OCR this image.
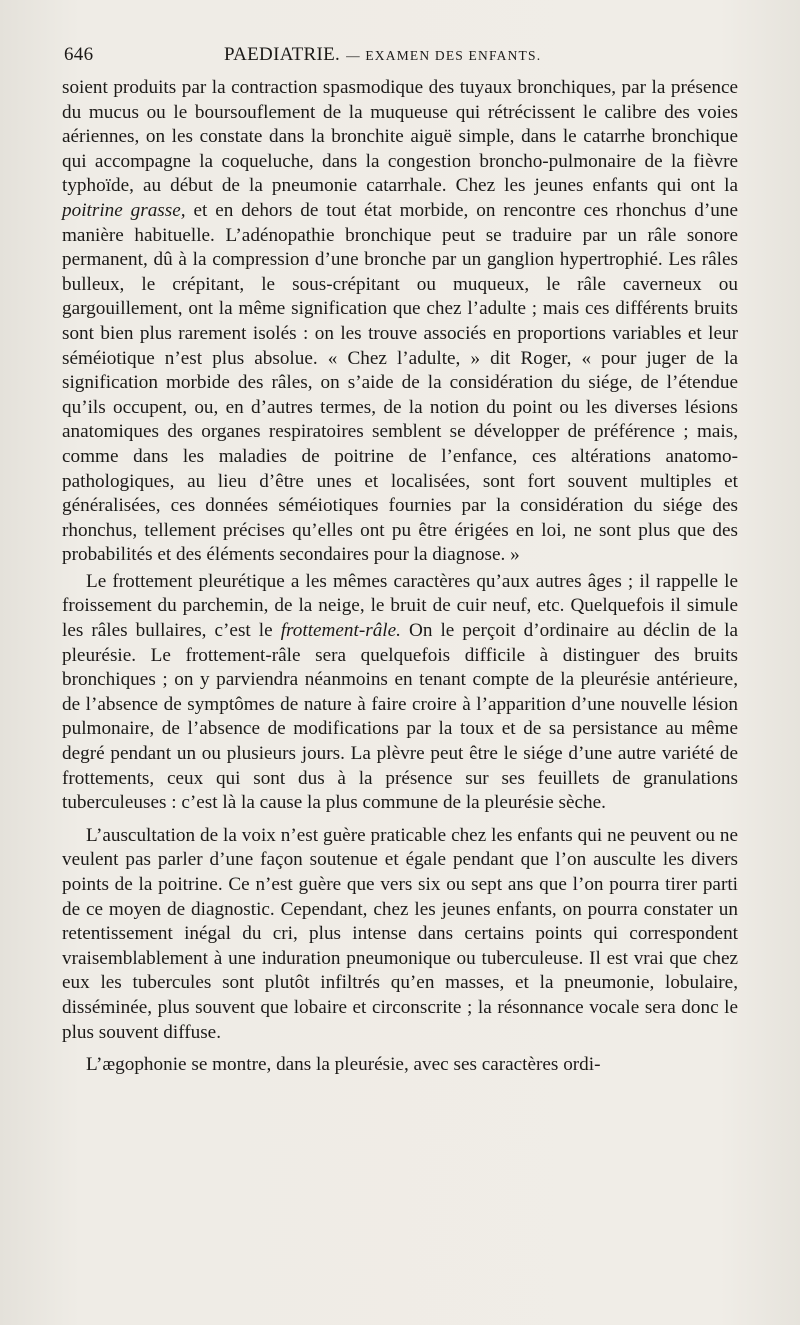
646	PAEDIATRIE. — EXAMEN DES ENFANTS.

soient produits par la contraction spasmodique des tuyaux bronchiques, par la présence du mucus ou le boursouflement de la muqueuse qui rétrécissent le calibre des voies aériennes, on les constate dans la bronchite aiguë simple, dans le catarrhe bronchique qui accompagne la coqueluche, dans la congestion broncho-pulmonaire de la fièvre typhoïde, au début de la pneumonie catarrhale. Chez les jeunes enfants qui ont la poitrine grasse, et en dehors de tout état morbide, on rencontre ces rhonchus d’une manière habituelle. L’adénopathie bronchique peut se traduire par un râle sonore permanent, dû à la compression d’une bronche par un ganglion hypertrophié. Les râles bulleux, le crépitant, le sous-crépitant ou muqueux, le râle caverneux ou gargouillement, ont la même signification que chez l’adulte ; mais ces différents bruits sont bien plus rarement isolés : on les trouve associés en proportions variables et leur séméiotique n’est plus absolue. « Chez l’adulte, » dit Roger, « pour juger de la signification morbide des râles, on s’aide de la considération du siége, de l’étendue qu’ils occupent, ou, en d’autres termes, de la notion du point ou les diverses lésions anatomiques des organes respiratoires semblent se développer de préférence ; mais, comme dans les maladies de poitrine de l’enfance, ces altérations anatomo-pathologiques, au lieu d’être unes et localisées, sont fort souvent multiples et généralisées, ces données séméiotiques fournies par la considération du siége des rhonchus, tellement précises qu’elles ont pu être érigées en loi, ne sont plus que des probabilités et des éléments secondaires pour la diagnose. »

Le frottement pleurétique a les mêmes caractères qu’aux autres âges ; il rappelle le froissement du parchemin, de la neige, le bruit de cuir neuf, etc. Quelquefois il simule les râles bullaires, c’est le frottement-râle. On le perçoit d’ordinaire au déclin de la pleurésie. Le frottement-râle sera quelquefois difficile à distinguer des bruits bronchiques ; on y parviendra néanmoins en tenant compte de la pleurésie antérieure, de l’absence de symptômes de nature à faire croire à l’apparition d’une nouvelle lésion pulmonaire, de l’absence de modifications par la toux et de sa persistance au même degré pendant un ou plusieurs jours. La plèvre peut être le siége d’une autre variété de frottements, ceux qui sont dus à la présence sur ses feuillets de granulations tuberculeuses : c’est là la cause la plus commune de la pleurésie sèche.

L’auscultation de la voix n’est guère praticable chez les enfants qui ne peuvent ou ne veulent pas parler d’une façon soutenue et égale pendant que l’on ausculte les divers points de la poitrine. Ce n’est guère que vers six ou sept ans que l’on pourra tirer parti de ce moyen de diagnostic. Cependant, chez les jeunes enfants, on pourra constater un retentissement inégal du cri, plus intense dans certains points qui correspondent vraisemblablement à une induration pneumonique ou tuberculeuse. Il est vrai que chez eux les tubercules sont plutôt infiltrés qu’en masses, et la pneumonie, lobulaire, disséminée, plus souvent que lobaire et circonscrite ; la résonnance vocale sera donc le plus souvent diffuse.

L’ægophonie se montre, dans la pleurésie, avec ses caractères ordi-
